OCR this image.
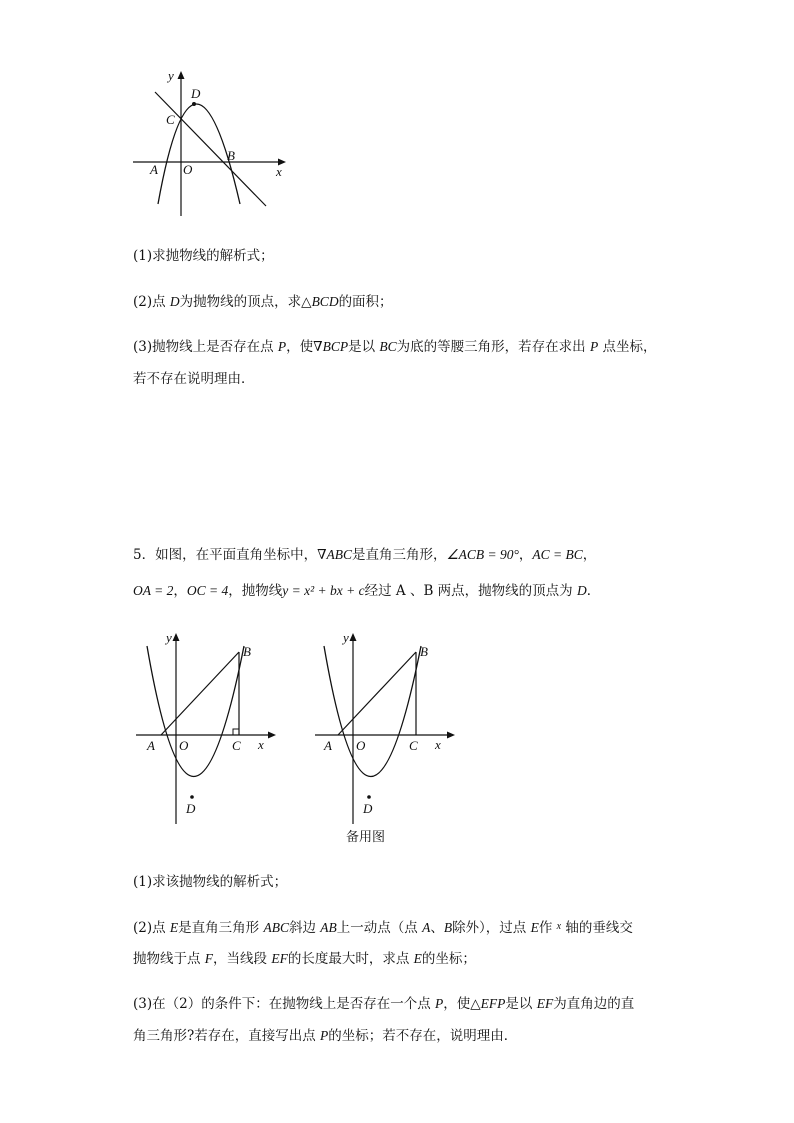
y
x
D
C
B
A O
(1)求抛物线的解析式；
(2)点 D为抛物线的顶点，求△BCD的面积；
(3)抛物线上是否存在点 P，使∇BCP是以 BC为底的等腰三角形，若存在求出 P 点坐标，
若不存在说明理由．
5．如图，在平面直角坐标中，∇ABC是直角三角形，∠ACB = 90°，AC = BC，
OA = 2，OC = 4，抛物线y = x² + bx + c经过 A 、B 两点，抛物线的顶点为 D．
y
x
A O
B
C
D
y
x
A O
B
C
D
备用图
(1)求该抛物线的解析式；
(2)点 E是直角三角形 ABC斜边 AB上一动点（点 A、B除外），过点 E作 $^x$ 轴的垂线交
抛物线于点 F，当线段 EF的长度最大时，求点 E的坐标；
(3)在（2）的条件下：在抛物线上是否存在一个点 P，使△EFP是以 EF为直角边的直
角三角形?若存在，直接写出点 P的坐标；若不存在，说明理由．
